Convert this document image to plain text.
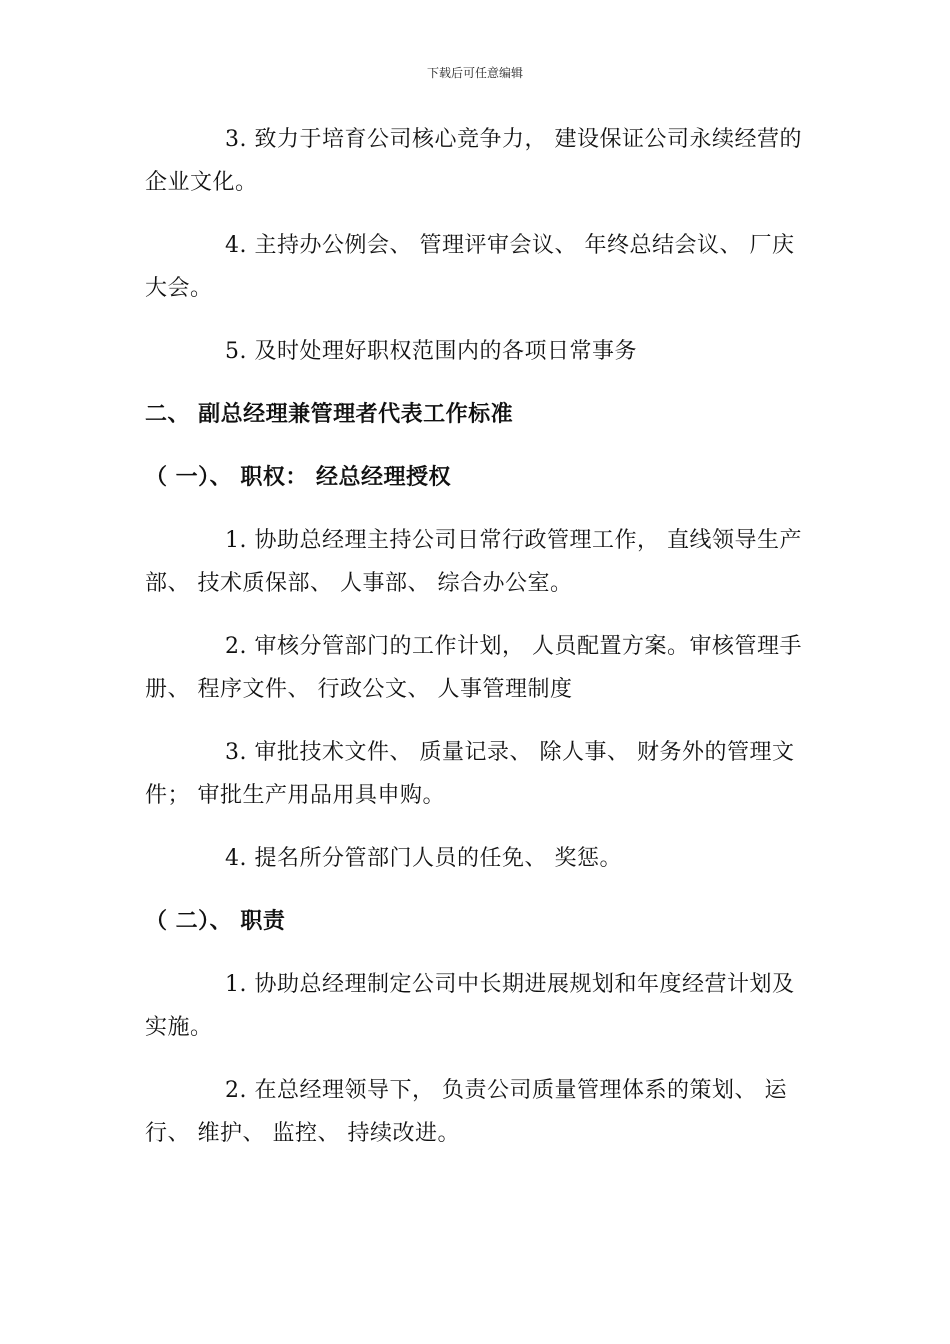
下载后可任意编辑

3. 致力于培育公司核心竞争力， 建设保证公司永续经营的企业文化。

4. 主持办公例会、 管理评审会议、 年终总结会议、 厂庆大会。

5. 及时处理好职权范围内的各项日常事务

二、 副总经理兼管理者代表工作标准

（ 一）、 职权： 经总经理授权

1. 协助总经理主持公司日常行政管理工作， 直线领导生产部、 技术质保部、 人事部、 综合办公室。

2. 审核分管部门的工作计划， 人员配置方案。审核管理手册、 程序文件、 行政公文、 人事管理制度

3. 审批技术文件、 质量记录、 除人事、 财务外的管理文件； 审批生产用品用具申购。

4. 提名所分管部门人员的任免、 奖惩。

（ 二）、 职责

1. 协助总经理制定公司中长期进展规划和年度经营计划及实施。

2. 在总经理领导下， 负责公司质量管理体系的策划、 运行、 维护、 监控、 持续改进。
